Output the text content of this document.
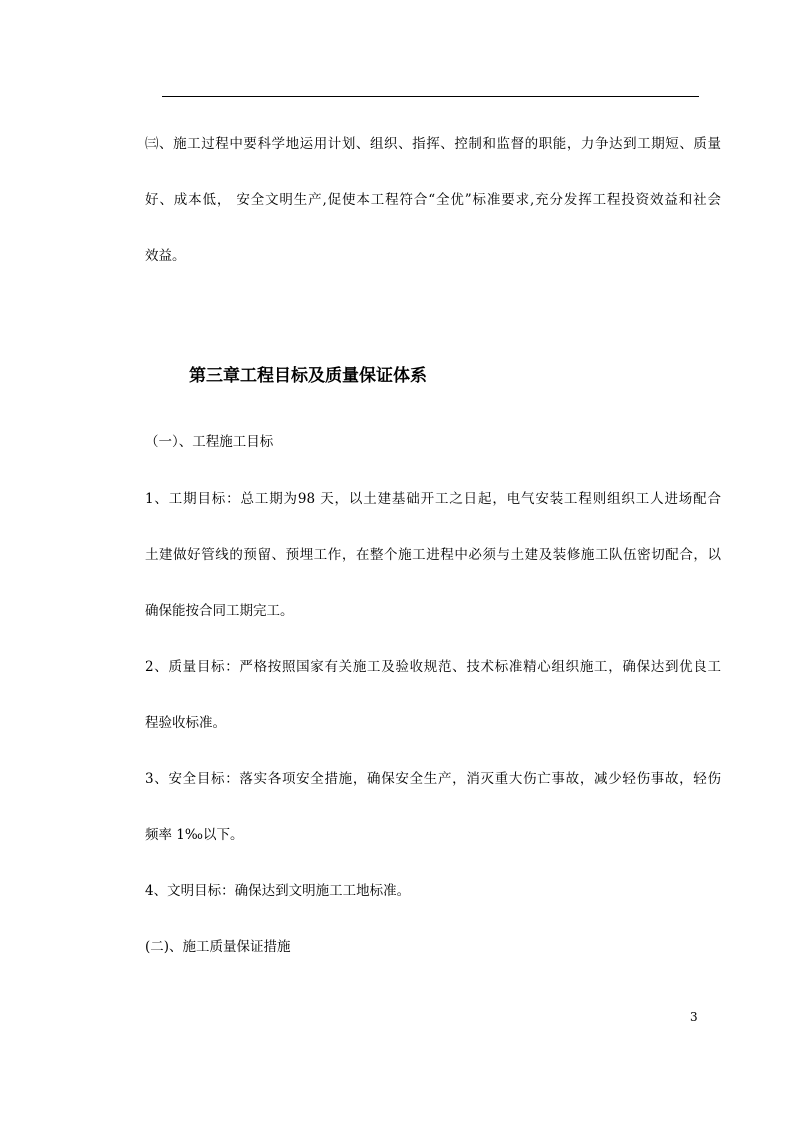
㈢、施工过程中要科学地运用计划、组织、指挥、控制和监督的职能，力争达到工期短、质量
好、成本低， 安全文明生产,促使本工程符合“全优”标准要求,充分发挥工程投资效益和社会
效益。
第三章工程目标及质量保证体系
（一）、工程施工目标
1、工期目标：总工期为98 天，以土建基础开工之日起，电气安装工程则组织工人进场配合
土建做好管线的预留、预埋工作，在整个施工进程中必须与土建及装修施工队伍密切配合，以
确保能按合同工期完工。
2、质量目标：严格按照国家有关施工及验收规范、技术标准精心组织施工，确保达到优良工
程验收标准。
3、安全目标：落实各项安全措施，确保安全生产，消灭重大伤亡事故，减少轻伤事故，轻伤
频率 1‰以下。
4、文明目标：确保达到文明施工工地标准。
(二)、施工质量保证措施
3
